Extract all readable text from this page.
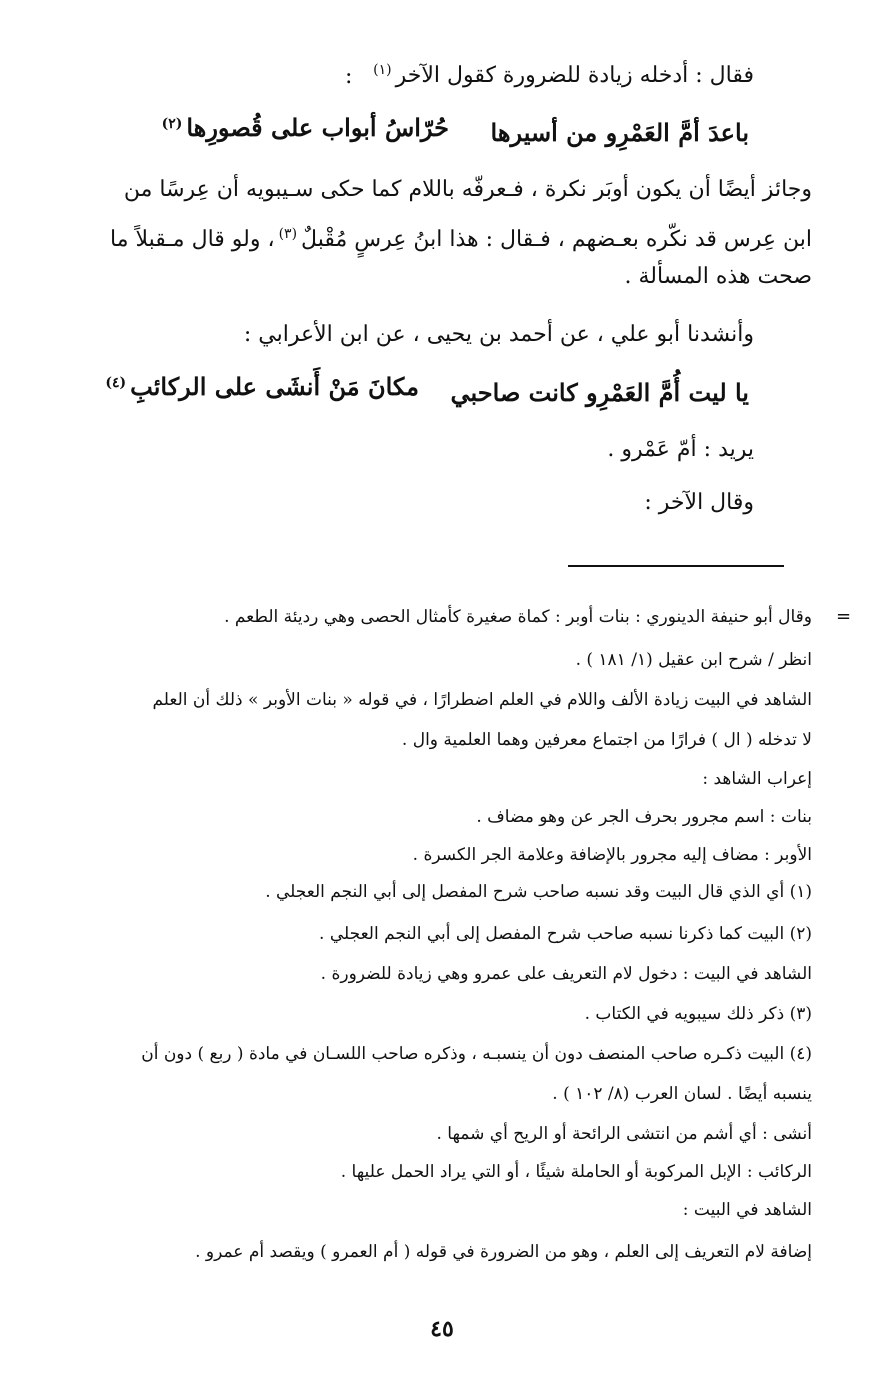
فقال : أدخله زيادة للضرورة كقول الآخر$^{(١)}$
:
باعدَ أمَّ العَمْرِو من أسيرها
حُرّاسُ أبواب على قُصورِها$^{(٢)}$
وجائز أيضًا أن يكون أوبَر نكرة ، فـعرفّه باللام كما حكى سـيبويه أن عِرسًا من
ابن عِرس قد نكّره بعـضهم ، فـقال : هذا ابنُ عِرسٍ مُقْبلٌ$^{(٣)}$، ولو قال مـقبلاً ما
صحت هذه المسألة .
وأنشدنا أبو علي ، عن أحمد بن يحيى ، عن ابن الأعرابي :
يا ليت أُمَّ العَمْرِو كانت صاحبي
مكانَ مَنْ أَنشَى على الركائبِ$^{(٤)}$
يريد : أمّ عَمْرو .
وقال الآخر :
=
وقال أبو حنيفة الدينوري : بنات أوبر : كماة صغيرة كأمثال الحصى وهي رديئة الطعم .
انظر / شرح ابن عقيل (١/ ١٨١ ) .
الشاهد في البيت زيادة الألف واللام في العلم اضطرارًا ، في قوله « بنات الأوبر » ذلك أن العلم
لا تدخله ( ال ) فرارًا من اجتماع معرفين وهما العلمية وال .
إعراب الشاهد :
بنات : اسم مجرور بحرف الجر عن وهو مضاف .
الأوبر : مضاف إليه مجرور بالإضافة وعلامة الجر الكسرة .
(١) أي الذي قال البيت وقد نسبه صاحب شرح المفصل إلى أبي النجم العجلي .
(٢) البيت كما ذكرنا نسبه صاحب شرح المفصل إلى أبي النجم العجلي .
الشاهد في البيت : دخول لام التعريف على عمرو وهي زيادة للضرورة .
(٣) ذكر ذلك سيبويه في الكتاب .
(٤) البيت ذكـره صاحب المنصف دون أن ينسبـه ، وذكره صاحب اللسـان في مادة ( ربع ) دون أن
ينسبه أيضًا . لسان العرب (٨/ ١٠٢ ) .
أنشى : أي أشم من انتشى الرائحة أو الريح أي شمها .
الركائب : الإبل المركوبة أو الحاملة شيئًا ، أو التي يراد الحمل عليها .
الشاهد في البيت :
إضافة لام التعريف إلى العلم ، وهو من الضرورة في قوله ( أم العمرو ) ويقصد أم عمرو .
٤٥
